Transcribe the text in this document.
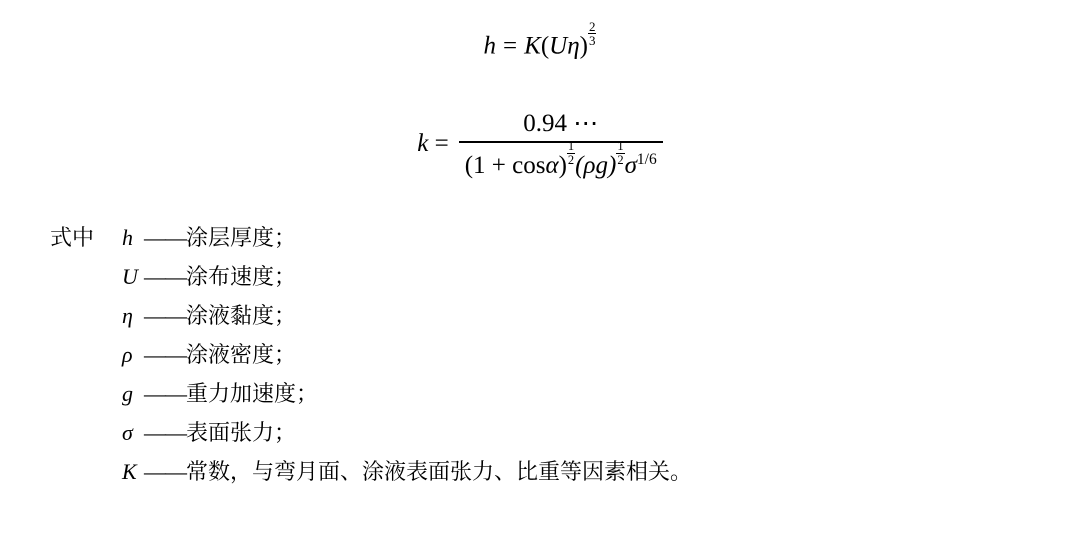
$h = K(U\eta) \frac{2}{3}$
$k = \frac{0.94 \cdots}{(1 + \cos\alpha) \frac{1}{2} (\rho g) \frac{1}{2} \sigma^{1/6}}$
式中	h —— 涂层厚度；
U —— 涂布速度；
η —— 涂液黏度；
ρ —— 涂液密度；
g —— 重力加速度；
σ —— 表面张力；
K —— 常数，与弯月面、涂液表面张力、比重等因素相关。
